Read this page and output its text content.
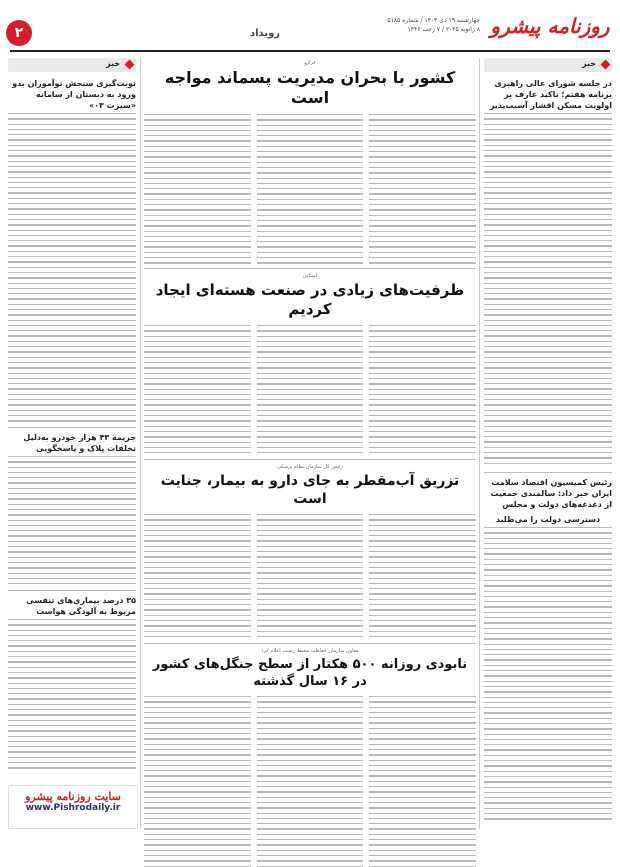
روزنامه پیشرو
چهارشنبه ۱۹ دی ۱۴۰۳ / شماره ۵۱۸۵
۸ ژانویه ۲۰۲۵ / ۷ رجب ۱۴۴۶
رویداد
۲
خبر
در جلسه شورای عالی راهبری برنامه هفتم؛ تاکید عارف بر اولویت مسکن اقشار آسیب‌پذیر
رئیس کمیسیون اقتصاد سلامت ایران خبر داد: سالمندی جمعیت از دغدغه‌های دولت و مجلس
دسترسی دولت را می‌طلبد
خبر
نوبت‌گیری سنجش نوآموزان بدو ورود به دبستان از سامانه «سیرت ۰۳»
جریمه ۴۳ هزار خودرو به‌دلیل تخلفات پلاک و پاسخگویی
۳۵ درصد بیماری‌های تنفسی مربوط به آلودگی هواست
سایت روزنامه پیشرو
www.Pishrodaily.ir
فرارو
کشور با بحران مدیریت پسماند مواجه است
استانی
ظرفیت‌های زیادی در صنعت هسته‌ای ایجاد کردیم
رئیس کل سازمان نظام پزشکی
تزریق آب‌مقطر به جای دارو به بیمار، جنایت است
معاون سازمان حفاظت محیط زیست اعلام کرد
نابودی روزانه ۵۰۰ هکتار از سطح جنگل‌های کشور در ۱۶ سال گذشته
